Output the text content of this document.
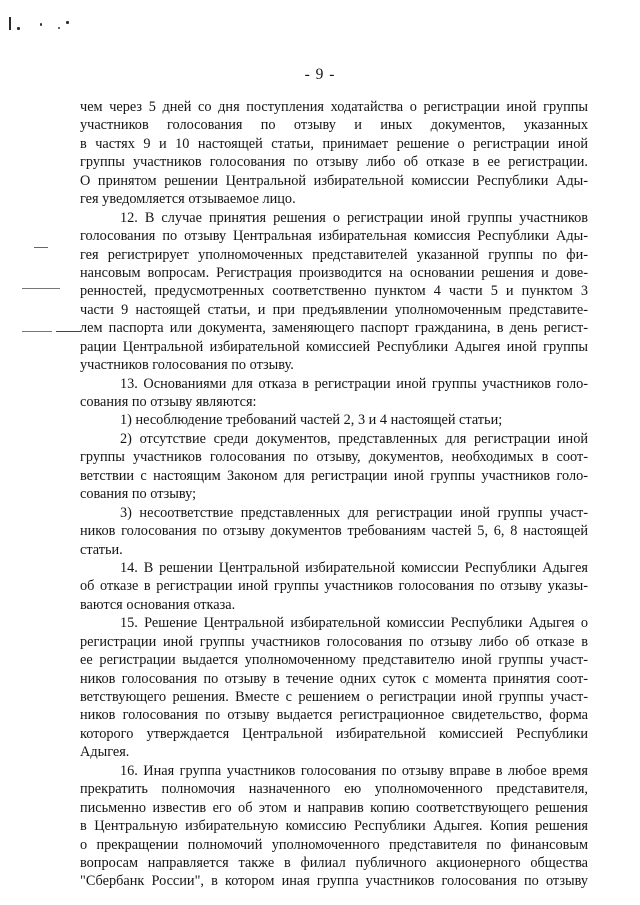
- 9 -
чем через 5 дней со дня поступления ходатайства о регистрации иной группы
участников голосования по отзыву и иных документов, указанных
в частях 9 и 10 настоящей статьи, принимает решение о регистрации иной
группы участников голосования по отзыву либо об отказе в ее регистрации.
О принятом решении Центральной избирательной комиссии Республики Ады-
гея уведомляется отзываемое лицо.
12. В случае принятия решения о регистрации иной группы участников
голосования по отзыву Центральная избирательная комиссия Республики Ады-
гея регистрирует уполномоченных представителей указанной группы по фи-
нансовым вопросам. Регистрация производится на основании решения и дове-
ренностей, предусмотренных соответственно пунктом 4 части 5 и пунктом 3
части 9 настоящей статьи, и при предъявлении уполномоченным представите-
лем паспорта или документа, заменяющего паспорт гражданина, в день регист-
рации Центральной избирательной комиссией Республики Адыгея иной группы
участников голосования по отзыву.
13. Основаниями для отказа в регистрации иной группы участников голо-
сования по отзыву являются:
1) несоблюдение требований частей 2, 3 и 4 настоящей статьи;
2) отсутствие среди документов, представленных для регистрации иной
группы участников голосования по отзыву, документов, необходимых в соот-
ветствии с настоящим Законом для регистрации иной группы участников голо-
сования по отзыву;
3) несоответствие представленных для регистрации иной группы участ-
ников голосования по отзыву документов требованиям частей 5, 6, 8 настоящей
статьи.
14. В решении Центральной избирательной комиссии Республики Адыгея
об отказе в регистрации иной группы участников голосования по отзыву указы-
ваются основания отказа.
15. Решение Центральной избирательной комиссии Республики Адыгея о
регистрации иной группы участников голосования по отзыву либо об отказе в
ее регистрации выдается уполномоченному представителю иной группы участ-
ников голосования по отзыву в течение одних суток с момента принятия соот-
ветствующего решения. Вместе с решением о регистрации иной группы участ-
ников голосования по отзыву выдается регистрационное свидетельство, форма
которого утверждается Центральной избирательной комиссией Республики
Адыгея.
16. Иная группа участников голосования по отзыву вправе в любое время
прекратить полномочия назначенного ею уполномоченного представителя,
письменно известив его об этом и направив копию соответствующего решения
в Центральную избирательную комиссию Республики Адыгея. Копия решения
о прекращении полномочий уполномоченного представителя по финансовым
вопросам направляется также в филиал публичного акционерного общества
"Сбербанк России", в котором иная группа участников голосования по отзыву
